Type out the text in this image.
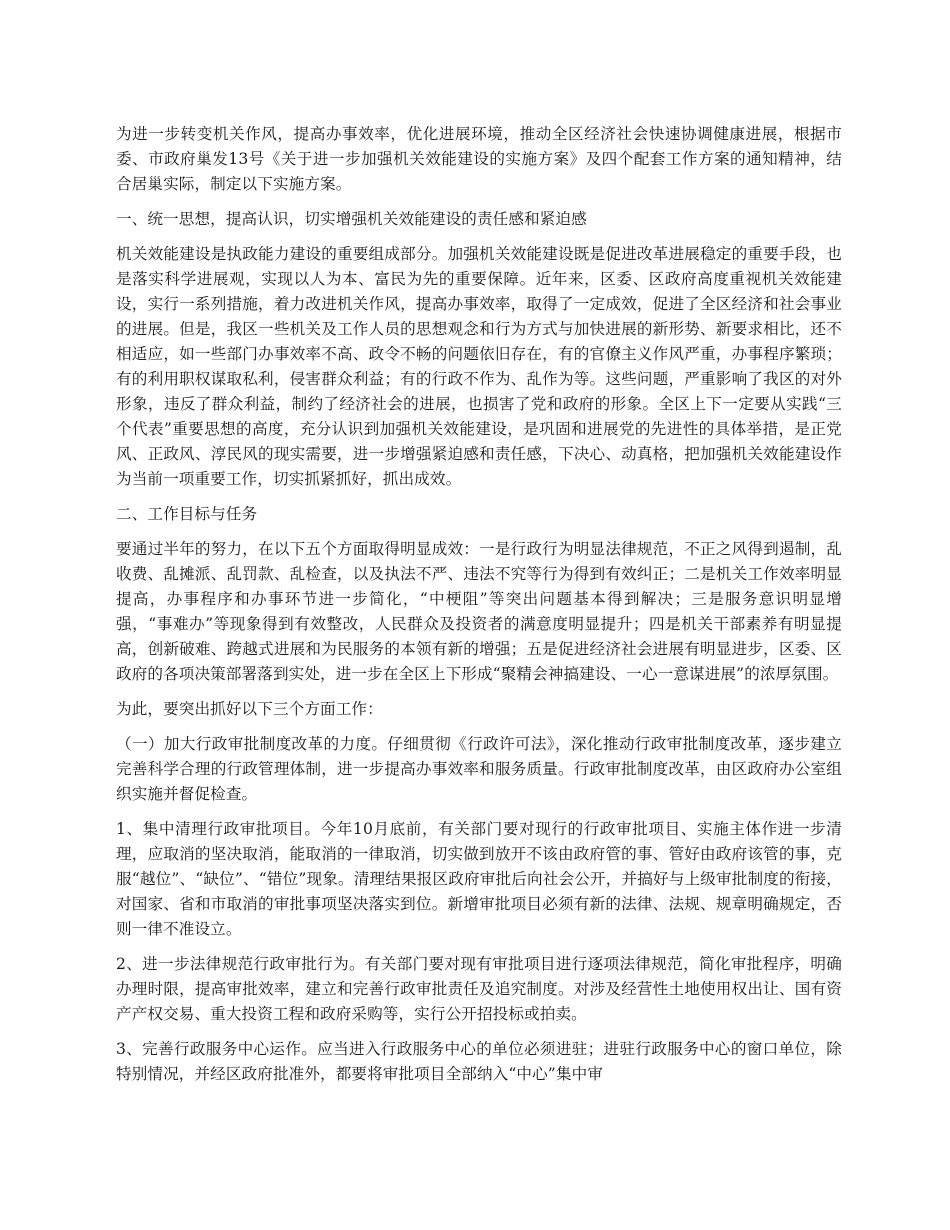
为进一步转变机关作风，提高办事效率，优化进展环境，推动全区经济社会快速协调健康进展，根据市委、市政府巢发13号《关于进一步加强机关效能建设的实施方案》及四个配套工作方案的通知精神，结合居巢实际，制定以下实施方案。

一、统一思想，提高认识，切实增强机关效能建设的责任感和紧迫感

机关效能建设是执政能力建设的重要组成部分。加强机关效能建设既是促进改革进展稳定的重要手段，也是落实科学进展观，实现以人为本、富民为先的重要保障。近年来，区委、区政府高度重视机关效能建设，实行一系列措施，着力改进机关作风，提高办事效率，取得了一定成效，促进了全区经济和社会事业的进展。但是，我区一些机关及工作人员的思想观念和行为方式与加快进展的新形势、新要求相比，还不相适应，如一些部门办事效率不高、政令不畅的问题依旧存在，有的官僚主义作风严重，办事程序繁琐；有的利用职权谋取私利，侵害群众利益；有的行政不作为、乱作为等。这些问题，严重影响了我区的对外形象，违反了群众利益，制约了经济社会的进展，也损害了党和政府的形象。全区上下一定要从实践“三个代表”重要思想的高度，充分认识到加强机关效能建设，是巩固和进展党的先进性的具体举措，是正党风、正政风、淳民风的现实需要，进一步增强紧迫感和责任感，下决心、动真格，把加强机关效能建设作为当前一项重要工作，切实抓紧抓好，抓出成效。

二、工作目标与任务

要通过半年的努力，在以下五个方面取得明显成效：一是行政行为明显法律规范，不正之风得到遏制，乱收费、乱摊派、乱罚款、乱检查，以及执法不严、违法不究等行为得到有效纠正；二是机关工作效率明显提高，办事程序和办事环节进一步简化，“中梗阻”等突出问题基本得到解决；三是服务意识明显增强，“事难办”等现象得到有效整改，人民群众及投资者的满意度明显提升；四是机关干部素养有明显提高，创新破难、跨越式进展和为民服务的本领有新的增强；五是促进经济社会进展有明显进步，区委、区政府的各项决策部署落到实处，进一步在全区上下形成“聚精会神搞建设、一心一意谋进展”的浓厚氛围。

为此，要突出抓好以下三个方面工作：

（一）加大行政审批制度改革的力度。仔细贯彻《行政许可法》，深化推动行政审批制度改革，逐步建立完善科学合理的行政管理体制，进一步提高办事效率和服务质量。行政审批制度改革，由区政府办公室组织实施并督促检查。

1、集中清理行政审批项目。今年10月底前，有关部门要对现行的行政审批项目、实施主体作进一步清理，应取消的坚决取消，能取消的一律取消，切实做到放开不该由政府管的事、管好由政府该管的事，克服“越位”、“缺位”、“错位”现象。清理结果报区政府审批后向社会公开，并搞好与上级审批制度的衔接，对国家、省和市取消的审批事项坚决落实到位。新增审批项目必须有新的法律、法规、规章明确规定，否则一律不准设立。

2、进一步法律规范行政审批行为。有关部门要对现有审批项目进行逐项法律规范，简化审批程序，明确办理时限，提高审批效率，建立和完善行政审批责任及追究制度。对涉及经营性土地使用权出让、国有资产产权交易、重大投资工程和政府采购等，实行公开招投标或拍卖。

3、完善行政服务中心运作。应当进入行政服务中心的单位必须进驻；进驻行政服务中心的窗口单位，除特别情况，并经区政府批准外，都要将审批项目全部纳入“中心”集中审
